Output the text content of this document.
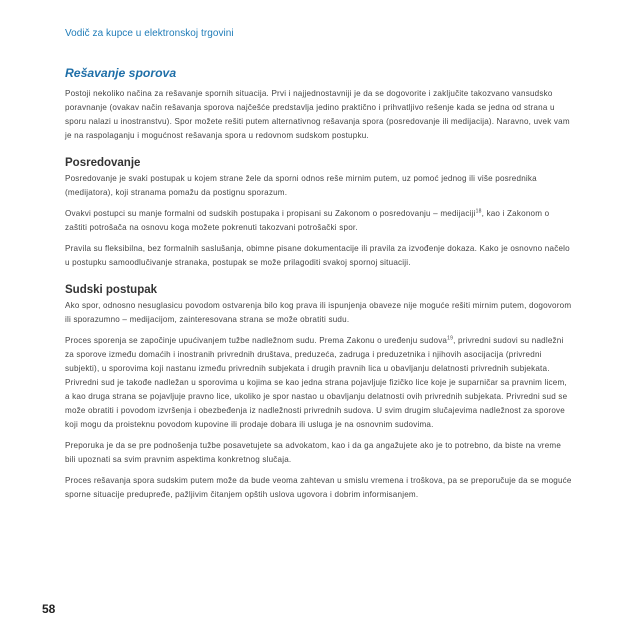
Vodič za kupce u elektronskoj trgovini
Rešavanje sporova

Postoji nekoliko načina za rešavanje spornih situacija. Prvi i najjednostavniji je da se dogovorite i zaključite takozvano vansudsko poravnanje (ovakav način rešavanja sporova najčešće predstavlja jedino praktično i prihvatljivo rešenje kada se jedna od strana u sporu nalazi u inostranstvu). Spor možete rešiti putem alternativnog rešavanja spora (posredovanje ili medijacija). Naravno, uvek vam je na raspolaganju i mogućnost rešavanja spora u redovnom sudskom postupku.

Posredovanje

Posredovanje je svaki postupak u kojem strane žele da sporni odnos reše mirnim putem, uz pomoć jednog ili više posrednika (medijatora), koji stranama pomažu da postignu sporazum.

Ovakvi postupci su manje formalni od sudskih postupaka i propisani su Zakonom o posredovanju – medijaciji$^{18}$, kao i Zakonom o zaštiti potrošača na osnovu koga možete pokrenuti takozvani potrošački spor.

Pravila su fleksibilna, bez formalnih saslušanja, obimne pisane dokumentacije ili pravila za izvođenje dokaza. Kako je osnovno načelo u postupku samoodlučivanje stranaka, postupak se može prilagoditi svakoj spornoj situaciji.

Sudski postupak

Ako spor, odnosno nesuglasicu povodom ostvarenja bilo kog prava ili ispunjenja obaveze nije moguće rešiti mirnim putem, dogovorom ili sporazumno – medijacijom, zainteresovana strana se može obratiti sudu.

Proces sporenja se započinje upućivanjem tužbe nadležnom sudu. Prema Zakonu o uređenju sudova$^{19}$, privredni sudovi su nadležni za sporove između domaćih i inostranih privrednih društava, preduzeća, zadruga i preduzetnika i njihovih asocijacija (privredni subjekti), u sporovima koji nastanu između privrednih subjekata i drugih pravnih lica u obavljanju delatnosti privrednih subjekata. Privredni sud je takođe nadležan u sporovima u kojima se kao jedna strana pojavljuje fizičko lice koje je suparničar sa pravnim licem, a kao druga strana se pojavljuje pravno lice, ukoliko je spor nastao u obavljanju delatnosti ovih privrednih subjekata. Privredni sud se može obratiti i povodom izvršenja i obezbeđenja iz nadležnosti privrednih sudova. U svim drugim slučajevima nadležnost za sporove koji mogu da proisteknu povodom kupovine ili prodaje dobara ili usluga je na osnovnim sudovima.

Preporuka je da se pre podnošenja tužbe posavetujete sa advokatom, kao i da ga angažujete ako je to potrebno, da biste na vreme bili upoznati sa svim pravnim aspektima konkretnog slučaja.

Proces rešavanja spora sudskim putem može da bude veoma zahtevan u smislu vremena i troškova, pa se preporučuje da se moguće sporne situacije predupređe, pažljivim čitanjem opštih uslova ugovora i dobrim informisanjem.

58
